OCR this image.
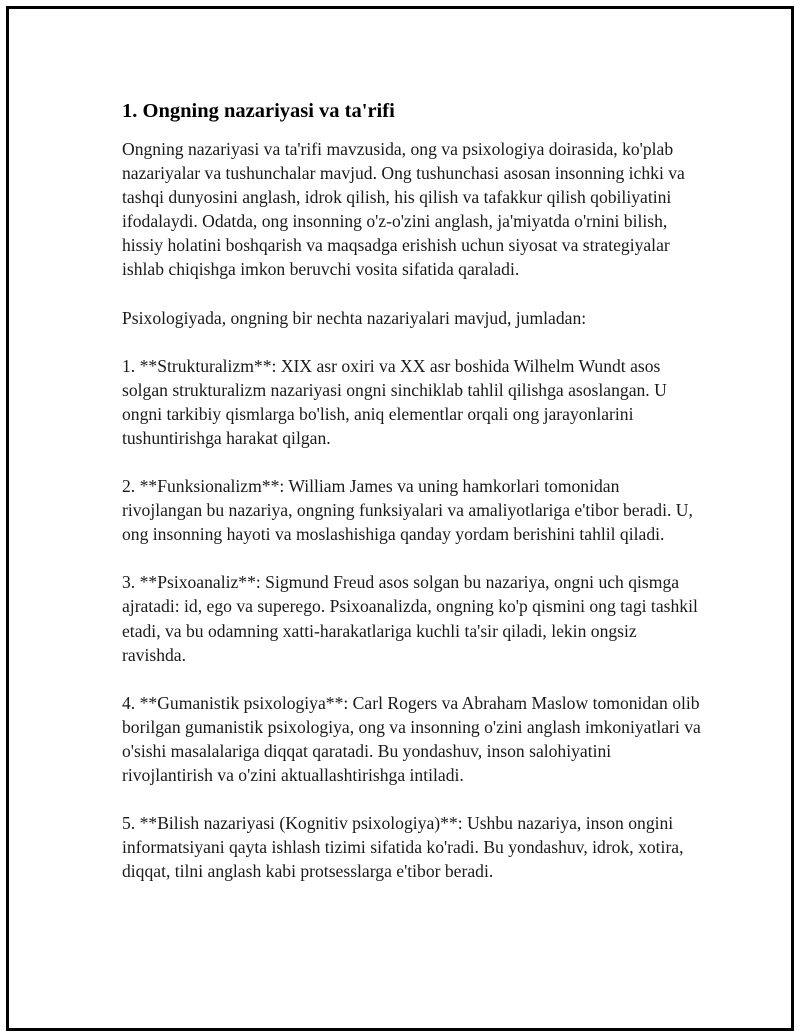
1. Ongning nazariyasi va ta'rifi

Ongning nazariyasi va ta'rifi mavzusida, ong va psixologiya doirasida, ko'plab nazariyalar va tushunchalar mavjud. Ong tushunchasi asosan insonning ichki va tashqi dunyosini anglash, idrok qilish, his qilish va tafakkur qilish qobiliyatini ifodalaydi. Odatda, ong insonning o'z-o'zini anglash, ja'miyatda o'rnini bilish, hissiy holatini boshqarish va maqsadga erishish uchun siyosat va strategiyalar ishlab chiqishga imkon beruvchi vosita sifatida qaraladi.

Psixologiyada, ongning bir nechta nazariyalari mavjud, jumladan:

1. **Strukturalizm**: XIX asr oxiri va XX asr boshida Wilhelm Wundt asos solgan strukturalizm nazariyasi ongni sinchiklab tahlil qilishga asoslangan. U ongni tarkibiy qismlarga bo'lish, aniq elementlar orqali ong jarayonlarini tushuntirishga harakat qilgan.

2. **Funksionalizm**: William James va uning hamkorlari tomonidan rivojlangan bu nazariya, ongning funksiyalari va amaliyotlariga e'tibor beradi. U, ong insonning hayoti va moslashishiga qanday yordam berishini tahlil qiladi.

3. **Psixoanaliz**: Sigmund Freud asos solgan bu nazariya, ongni uch qismga ajratadi: id, ego va superego. Psixoanalizda, ongning ko'p qismini ong tagi tashkil etadi, va bu odamning xatti-harakatlariga kuchli ta'sir qiladi, lekin ongsiz ravishda.

4. **Gumanistik psixologiya**: Carl Rogers va Abraham Maslow tomonidan olib borilgan gumanistik psixologiya, ong va insonning o'zini anglash imkoniyatlari va o'sishi masalalariga diqqat qaratadi. Bu yondashuv, inson salohiyatini rivojlantirish va o'zini aktuallashtirishga intiladi.

5. **Bilish nazariyasi (Kognitiv psixologiya)**: Ushbu nazariya, inson ongini informatsiyani qayta ishlash tizimi sifatida ko'radi. Bu yondashuv, idrok, xotira, diqqat, tilni anglash kabi protsesslarga e'tibor beradi.
